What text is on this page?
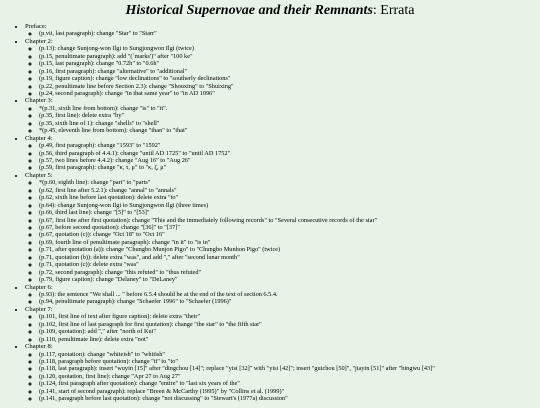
Historical Supernovae and their Remnants: Errata
• Preface:
◦ (p.vii, last paragraph): change "Star" to "Starr"
• Chapter 2:
◦ (p.13): change Sunjong-won Ilgi to Sungjongwon Ilgi (twice)
◦ (p.15, penultimate paragraph): add "(`marks')" after "100 ke"
◦ (p.15, last paragraph): change "0.72h" to "0.6h"
◦ (p.16, first paragraph): change "alternative" to "additional"
◦ (p.19, figure caption): change "low declinations" to "southerly declinations"
◦ (p.22, penultimate line before Section 2.3): change "Shouxing" to "Shuixing"
◦ (p.24, second paragraph): change "in that same year" to "in AD 1096"
• Chapter 3:
◦ *(p.31, sixth line from bottom): change "is" to "it".
◦ (p.35, first line): delete extra "by"
◦ (p.35, sixth line of 1): change "shells" to "shell"
◦ *(p.45, eleventh line from bottom): change "than" to "that"
• Chapter 4:
◦ (p.49, first paragraph): change "1593" to "1592"
◦ (p.56, third paragraph of 4.4.1): change "until AD 1725" to "until AD 1752"
◦ (p.57, two lines before 4.4.2): change "Aug 16" to "Aug 26"
◦ (p.59, first paragraph): change "κ, τ, μ" to "κ, ζ, μ"
• Chapter 5:
◦ *(p.60, eighth line): change "part" to "parts"
◦ (p.62, first line after 5.2.1): change "annal" to "annals"
◦ (p.62, sixth line before last quotation): delete extra "to"
◦ (p.64): change Sunjong-won Ilgi to Sungjongwon Ilgi (three times)
◦ (p.66, third last line): change "[5]" to "[53]"
◦ (p.67, first line after first quotation): change "This and the immediately following records" to "Several consecutive records of the star"
◦ (p.67, before second quotation): change "[36]" to "[37]"
◦ (p.67, quotation (c)): change "Oct 18" to "Oct 16"
◦ (p.69, fourth line of penultimate paragraph): change "in it" to "is in"
◦ (p.71, after quotation (a)): change "Chungbo Munjon Pigo" to "Chungbo Munhon Pigo" (twice)
◦ (p.71, quotation (b)): delete extra "was", and add "," after "second lunar month"
◦ (p.71, quotation (c)): delete extra "was"
◦ (p.72, second paragraph): change "this refuted" to "thus refuted"
◦ (p.79, figure caption): change "Delaney" to "DeLaney"
• Chapter 6:
◦ (p.93): the sentence "We shall ... " before 6.5.4 should be at the end of the text of section 6.5.4.
◦ (p.94, penultimate paragraph): change "Schaefer 1996" to "Schaefer (1996)"
• Chapter 7:
◦ (p.101, first line of text after figure caption): delete extra "their"
◦ (p.102, first line of last paragraph for first quotation): change "the star" to "the fifth star"
◦ (p.109, quotation): add "," after "north of Kui"
◦ (p.110, penultimate line): delete extra "not"
• Chapter 8:
◦ (p.117, quotation): change "whiteish" to "whitish"
◦ (p.118, paragraph before quotation): change "ti" to "to"
◦ (p.118, last paragraph): insert "wuyin [15]" after "dingchou [14]"; replace "yisi [32]" with "yisi [42]"; insert "guichou [50]", "jiayin [51]" after "bingwu [43]"
◦ (p.120, quotation, first line): change "Apr 27 to Aug 27"
◦ (p.124, first paragraph after quotation): change "entire" to "last six years of the"
◦ (p.141, start of second paragraph): replace "Breen & McCarthy (1995)" by "Collins et al. (1999)"
◦ (p.141, paragraph before last quotation): change "not discussing" to "Stewart's (1977a) discussion"
